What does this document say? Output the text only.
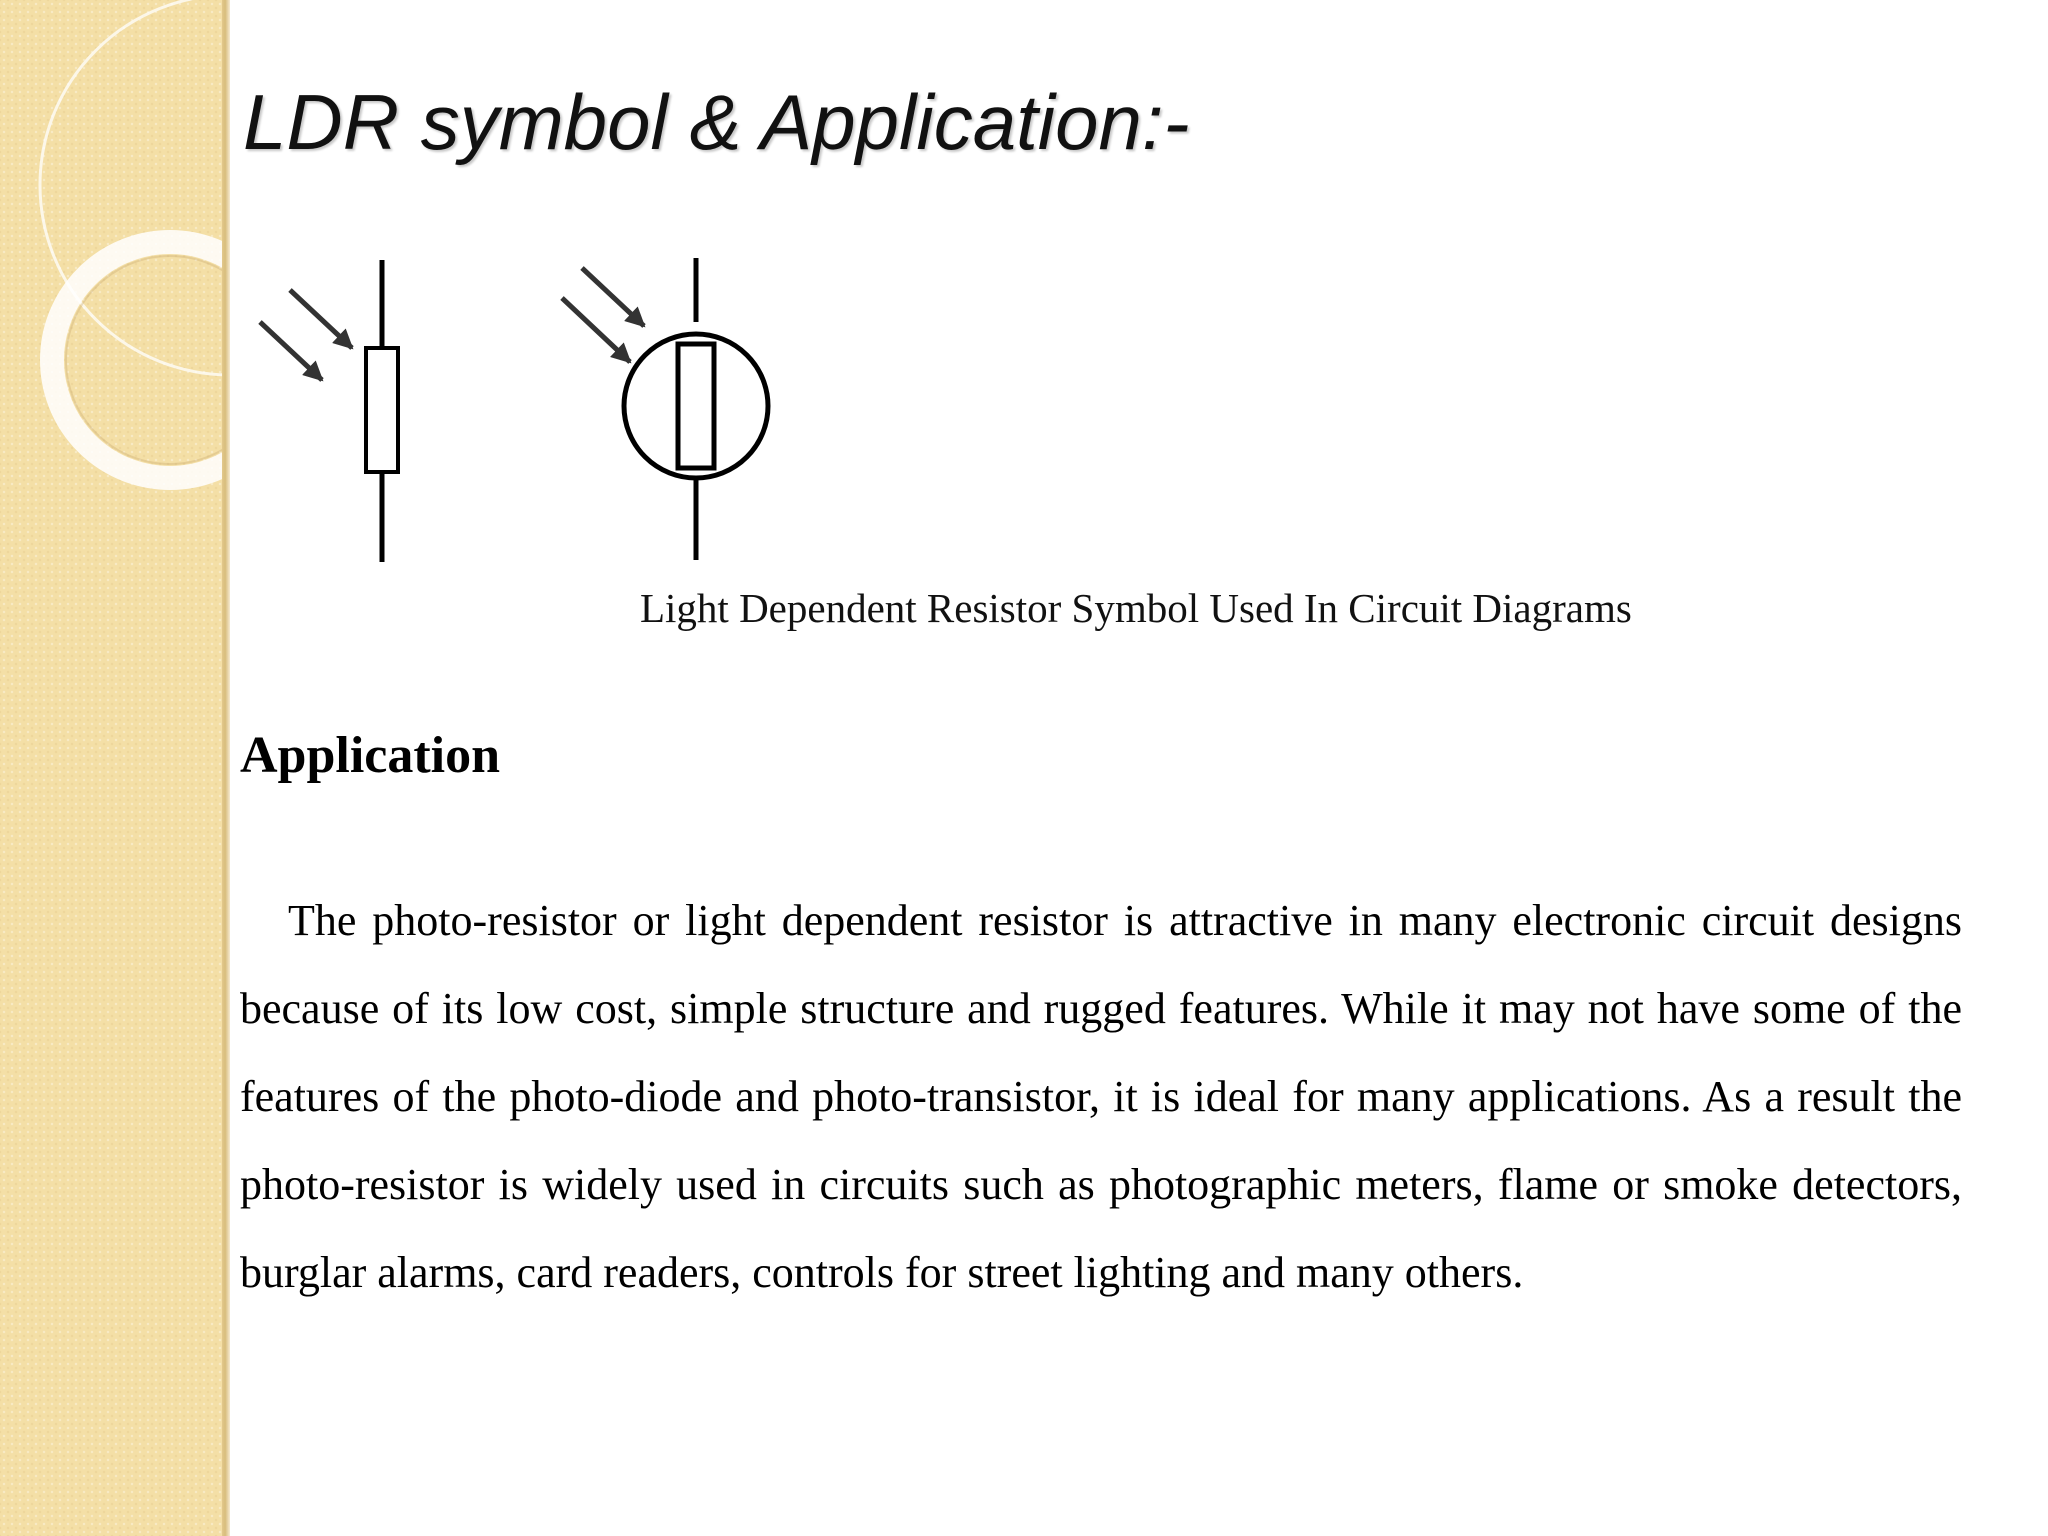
LDR symbol & Application:-
Light Dependent Resistor Symbol Used In Circuit Diagrams
Application

The photo-resistor or light dependent resistor is attractive in many electronic circuit designs because of its low cost, simple structure and rugged features. While it may not have some of the features of the photo-diode and photo-transistor, it is ideal for many applications. As a result the photo-resistor is widely used in circuits such as photographic meters, flame or smoke detectors, burglar alarms, card readers, controls for street lighting and many others.
